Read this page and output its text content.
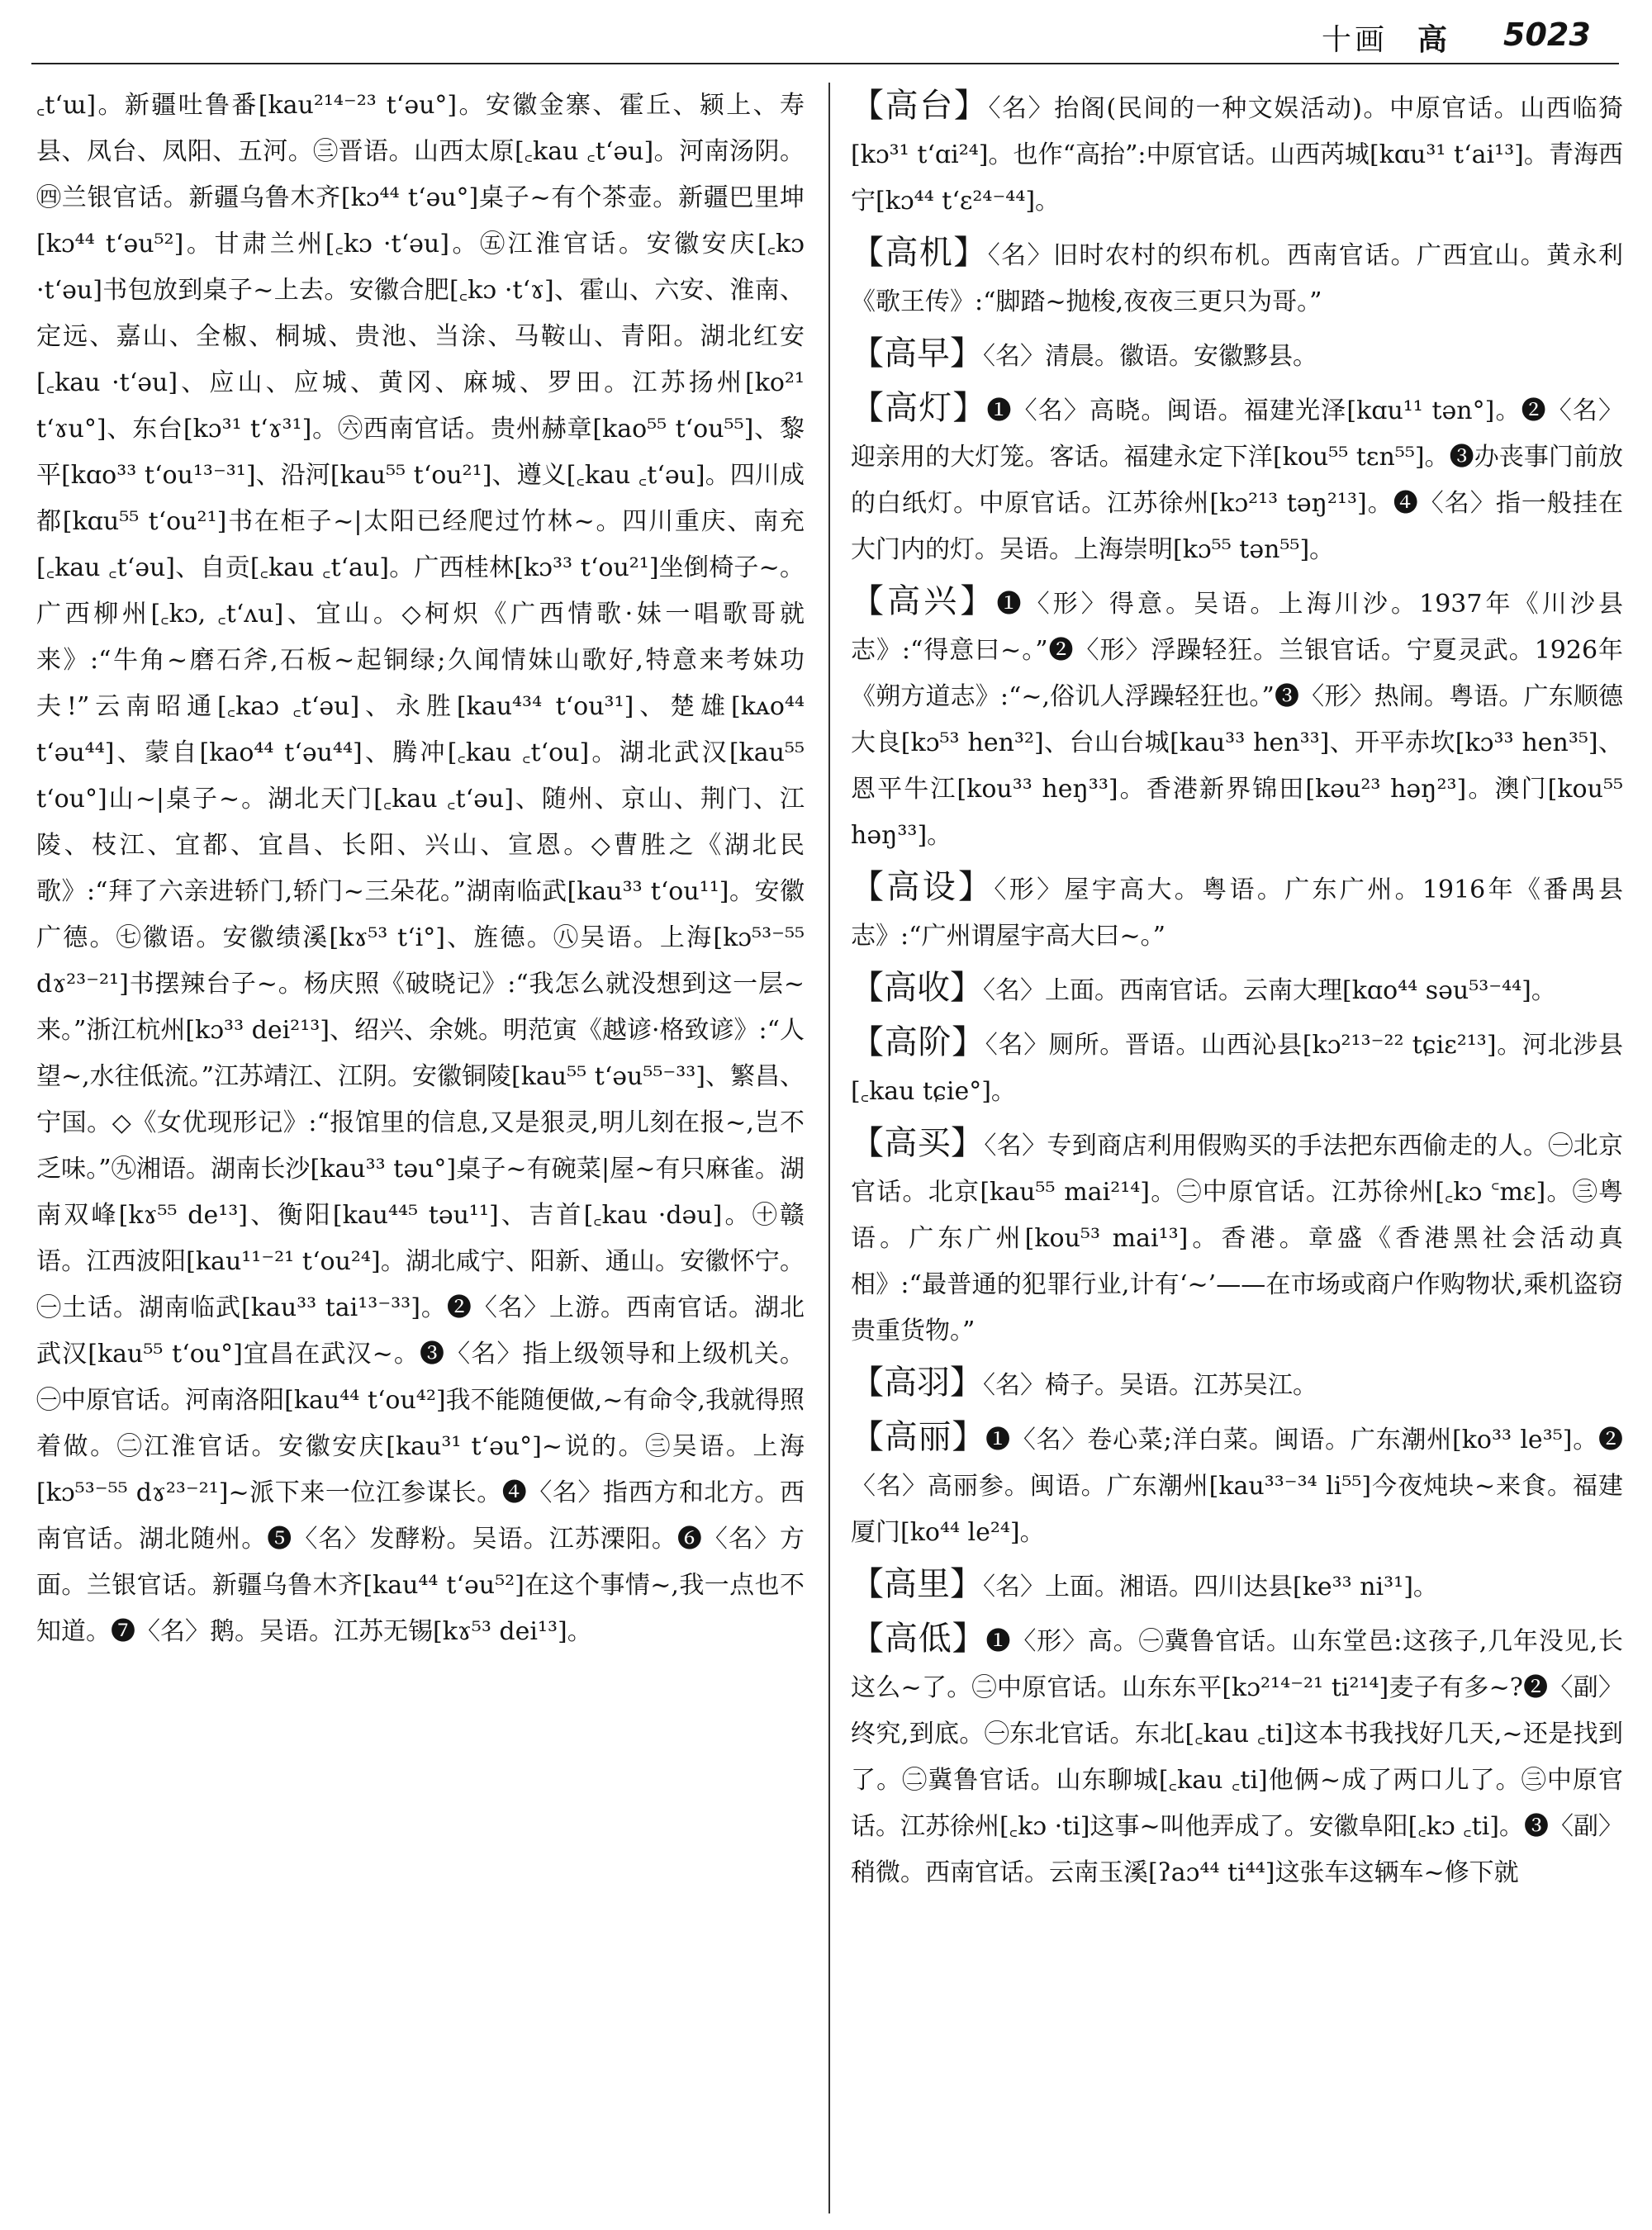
十画 高 5023

꜀t‘ɯ]。新疆吐鲁番[kau²¹⁴⁻²³ t‘əu°]。安徽金寨、霍丘、颍上、寿县、凤台、凤阳、五河。㊂晋语。山西太原[꜀kau ꜀t‘əu]。河南汤阴。㊃兰银官话。新疆乌鲁木齐[kɔ⁴⁴ t‘əu°]桌子~有个茶壶。新疆巴里坤[kɔ⁴⁴ t‘əu⁵²]。甘肃兰州[꜀kɔ ·t‘əu]。㊄江淮官话。安徽安庆[꜀kɔ ·t‘əu]书包放到桌子~上去。安徽合肥[꜀kɔ ·t‘ɤ]、霍山、六安、淮南、定远、嘉山、全椒、桐城、贵池、当涂、马鞍山、青阳。湖北红安[꜀kau ·t‘əu]、应山、应城、黄冈、麻城、罗田。江苏扬州[ko²¹ t‘ɤu°]、东台[kɔ³¹ t‘ɤ³¹]。㊅西南官话。贵州赫章[kao⁵⁵ t‘ou⁵⁵]、黎平[kɑo³³ t‘ou¹³⁻³¹]、沿河[kau⁵⁵ t‘ou²¹]、遵义[꜀kau ꜀t‘əu]。四川成都[kɑu⁵⁵ t‘ou²¹]书在柜子~|太阳已经爬过竹林~。四川重庆、南充[꜀kau ꜀t‘əu]、自贡[꜀kau ꜀t‘au]。广西桂林[kɔ³³ t‘ou²¹]坐倒椅子~。广西柳州[꜀kɔ, ꜀t‘ʌu]、宜山。◇柯炽《广西情歌·妹一唱歌哥就来》:“牛角~磨石斧,石板~起铜绿;久闻情妹山歌好,特意来考妹功夫!”云南昭通[꜀kaɔ ꜀t‘əu]、永胜[kau⁴³⁴ t‘ou³¹]、楚雄[kᴀo⁴⁴ t‘əu⁴⁴]、蒙自[kao⁴⁴ t‘əu⁴⁴]、腾冲[꜀kau ꜀t‘ou]。湖北武汉[kau⁵⁵ t‘ou°]山~|桌子~。湖北天门[꜀kau ꜀t‘əu]、随州、京山、荆门、江陵、枝江、宜都、宜昌、长阳、兴山、宣恩。◇曹胜之《湖北民歌》:“拜了六亲进轿门,轿门~三朵花。”湖南临武[kau³³ t‘ou¹¹]。安徽广德。㊆徽语。安徽绩溪[kɤ⁵³ t‘i°]、旌德。㊇吴语。上海[kɔ⁵³⁻⁵⁵ dɤ²³⁻²¹]书摆辣台子~。杨庆照《破晓记》:“我怎么就没想到这一层~来。”浙江杭州[kɔ³³ dei²¹³]、绍兴、余姚。明范寅《越谚·格致谚》:“人望~,水往低流。”江苏靖江、江阴。安徽铜陵[kau⁵⁵ t‘əu⁵⁵⁻³³]、繁昌、宁国。◇《女优现形记》:“报馆里的信息,又是狠灵,明儿刻在报~,岂不乏味。”㊈湘语。湖南长沙[kau³³ təu°]桌子~有碗菜|屋~有只麻雀。湖南双峰[kɤ⁵⁵ de¹³]、衡阳[kau⁴⁴⁵ təu¹¹]、吉首[꜀kau ·dəu]。㊉赣语。江西波阳[kau¹¹⁻²¹ t‘ou²⁴]。湖北咸宁、阳新、通山。安徽怀宁。㊀土话。湖南临武[kau³³ tai¹³⁻³³]。❷〈名〉上游。西南官话。湖北武汉[kau⁵⁵ t‘ou°]宜昌在武汉~。❸〈名〉指上级领导和上级机关。㊀中原官话。河南洛阳[kau⁴⁴ t‘ou⁴²]我不能随便做,~有命令,我就得照着做。㊁江淮官话。安徽安庆[kau³¹ t‘əu°]~说的。㊂吴语。上海[kɔ⁵³⁻⁵⁵ dɤ²³⁻²¹]~派下来一位江参谋长。❹〈名〉指西方和北方。西南官话。湖北随州。❺〈名〉发酵粉。吴语。江苏溧阳。❻〈名〉方面。兰银官话。新疆乌鲁木齐[kau⁴⁴ t‘əu⁵²]在这个事情~,我一点也不知道。❼〈名〉鹅。吴语。江苏无锡[kɤ⁵³ dei¹³]。

【高台】〈名〉抬阁(民间的一种文娱活动)。中原官话。山西临猗[kɔ³¹ t‘ɑi²⁴]。也作“高抬”:中原官话。山西芮城[kɑu³¹ t‘ai¹³]。青海西宁[kɔ⁴⁴ t‘ɛ²⁴⁻⁴⁴]。
【高机】〈名〉旧时农村的织布机。西南官话。广西宜山。黄永利《歌王传》:“脚踏~抛梭,夜夜三更只为哥。”
【高早】〈名〉清晨。徽语。安徽黟县。
【高灯】❶〈名〉高晓。闽语。福建光泽[kɑu¹¹ tən°]。❷〈名〉迎亲用的大灯笼。客话。福建永定下洋[kou⁵⁵ tɛn⁵⁵]。❸办丧事门前放的白纸灯。中原官话。江苏徐州[kɔ²¹³ təŋ²¹³]。❹〈名〉指一般挂在大门内的灯。吴语。上海崇明[kɔ⁵⁵ tən⁵⁵]。
【高兴】❶〈形〉得意。吴语。上海川沙。1937年《川沙县志》:“得意曰~。”❷〈形〉浮躁轻狂。兰银官话。宁夏灵武。1926年《朔方道志》:“~,俗讥人浮躁轻狂也。”❸〈形〉热闹。粤语。广东顺德大良[kɔ⁵³ hen³²]、台山台城[kau³³ hen³³]、开平赤坎[kɔ³³ hen³⁵]、恩平牛江[kou³³ heŋ³³]。香港新界锦田[kəu²³ həŋ²³]。澳门[kou⁵⁵ həŋ³³]。
【高设】〈形〉屋宇高大。粤语。广东广州。1916年《番禺县志》:“广州谓屋宇高大曰~。”
【高收】〈名〉上面。西南官话。云南大理[kɑo⁴⁴ səu⁵³⁻⁴⁴]。
【高阶】〈名〉厕所。晋语。山西沁县[kɔ²¹³⁻²² tɕiɛ²¹³]。河北涉县[꜀kau tɕie°]。
【高买】〈名〉专到商店利用假购买的手法把东西偷走的人。㊀北京官话。北京[kau⁵⁵ mai²¹⁴]。㊁中原官话。江苏徐州[꜀kɔ ꜂mɛ]。㊂粤语。广东广州[kou⁵³ mai¹³]。香港。章盛《香港黑社会活动真相》:“最普通的犯罪行业,计有‘~’——在市场或商户作购物状,乘机盗窃贵重货物。”
【高羽】〈名〉椅子。吴语。江苏吴江。
【高丽】❶〈名〉卷心菜;洋白菜。闽语。广东潮州[ko³³ le³⁵]。❷〈名〉高丽参。闽语。广东潮州[kau³³⁻³⁴ li⁵⁵]今夜炖块~来食。福建厦门[ko⁴⁴ le²⁴]。
【高里】〈名〉上面。湘语。四川达县[ke³³ ni³¹]。
【高低】❶〈形〉高。㊀冀鲁官话。山东堂邑:这孩子,几年没见,长这么~了。㊁中原官话。山东东平[kɔ²¹⁴⁻²¹ ti²¹⁴]麦子有多~?❷〈副〉终究,到底。㊀东北官话。东北[꜀kau ꜀ti]这本书我找好几天,~还是找到了。㊁冀鲁官话。山东聊城[꜀kau ꜀ti]他俩~成了两口儿了。㊂中原官话。江苏徐州[꜀kɔ ·ti]这事~叫他弄成了。安徽阜阳[꜀kɔ ꜀ti]。❸〈副〉稍微。西南官话。云南玉溪[ʔaɔ⁴⁴ ti⁴⁴]这张车这辆车~修下就
